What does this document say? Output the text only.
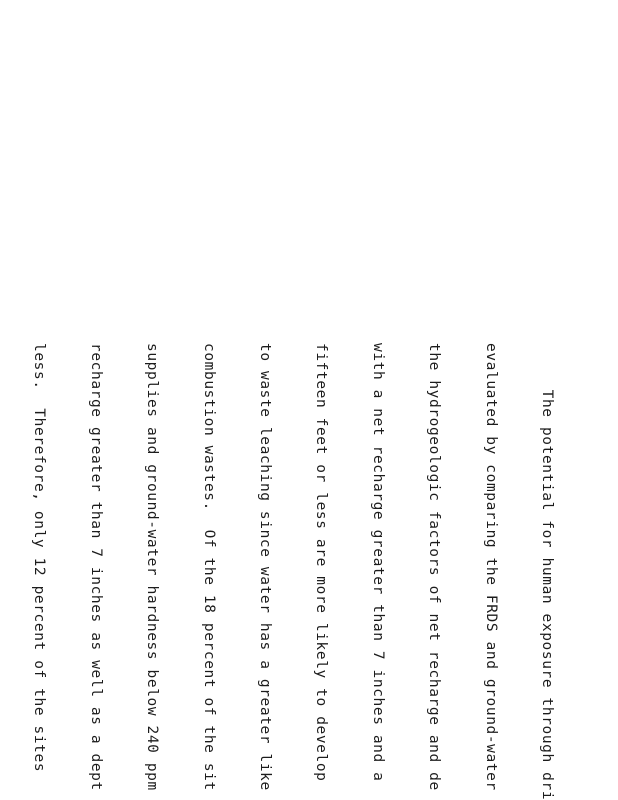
The potential for human exposure through dri

evaluated by comparing the FRDS and ground-water

the hydrogeologic factors of net recharge and de

with a net recharge greater than 7 inches and a

fifteen feet or less are more likely to develop

to waste leaching since water has a greater like

combustion wastes.  Of the 18 percent of the sit

supplies and ground-water hardness below 240 ppm

recharge greater than 7 inches as well as a dept

less.  Therefore, only 12 percent of the sites
